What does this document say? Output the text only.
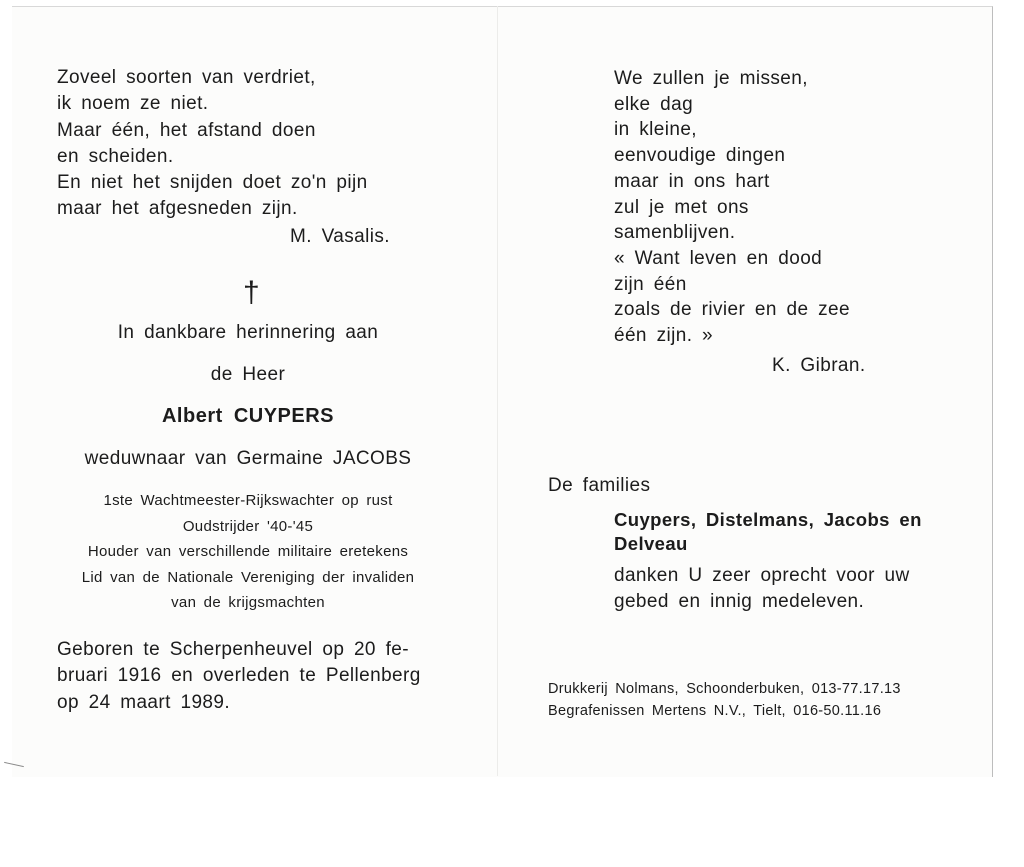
Zoveel soorten van verdriet,
ik noem ze niet.
Maar één, het afstand doen
en scheiden.
En niet het snijden doet zo'n pijn
maar het afgesneden zijn.
M. Vasalis.
†
In dankbare herinnering aan
de Heer
Albert CUYPERS
weduwnaar van Germaine JACOBS
1ste Wachtmeester-Rijkswachter op rust
Oudstrijder '40-'45
Houder van verschillende militaire eretekens
Lid van de Nationale Vereniging der invaliden
van de krijgsmachten
Geboren te Scherpenheuvel op 20 fe-
bruari 1916 en overleden te Pellenberg
op 24 maart 1989.
We zullen je missen,
elke dag
in kleine,
eenvoudige dingen
maar in ons hart
zul je met ons
samenblijven.
« Want leven en dood
zijn één
zoals de rivier en de zee
één zijn. »
K. Gibran.
De families
Cuypers, Distelmans, Jacobs en
Delveau
danken U zeer oprecht voor uw
gebed en innig medeleven.
Drukkerij Nolmans, Schoonderbuken, 013-77.17.13
Begrafenissen Mertens N.V., Tielt, 016-50.11.16
